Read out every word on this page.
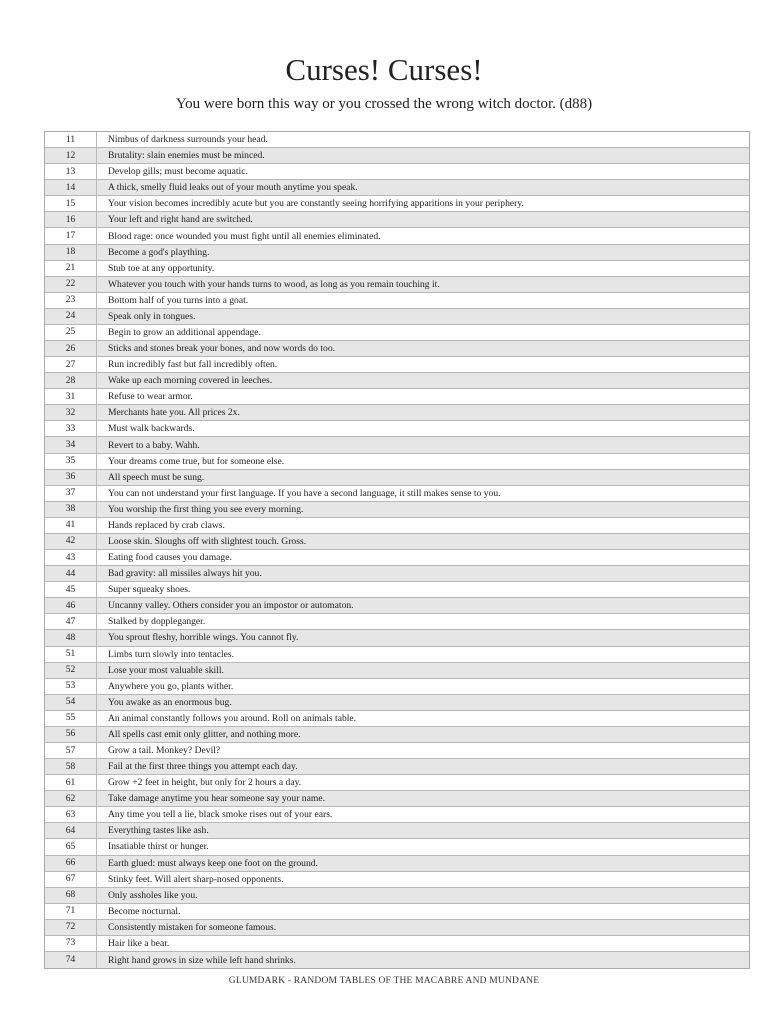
Curses! Curses!
You were born this way or you crossed the wrong witch doctor. (d88)
11	Nimbus of darkness surrounds your head.
12	Brutality: slain enemies must be minced.
13	Develop gills; must become aquatic.
14	A thick, smelly fluid leaks out of your mouth anytime you speak.
15	Your vision becomes incredibly acute but you are constantly seeing horrifying apparitions in your periphery.
16	Your left and right hand are switched.
17	Blood rage: once wounded you must fight until all enemies eliminated.
18	Become a god's plaything.
21	Stub toe at any opportunity.
22	Whatever you touch with your hands turns to wood, as long as you remain touching it.
23	Bottom half of you turns into a goat.
24	Speak only in tongues.
25	Begin to grow an additional appendage.
26	Sticks and stones break your bones, and now words do too.
27	Run incredibly fast but fall incredibly often.
28	Wake up each morning covered in leeches.
31	Refuse to wear armor.
32	Merchants hate you. All prices 2x.
33	Must walk backwards.
34	Revert to a baby. Wahh.
35	Your dreams come true, but for someone else.
36	All speech must be sung.
37	You can not understand your first language. If you have a second language, it still makes sense to you.
38	You worship the first thing you see every morning.
41	Hands replaced by crab claws.
42	Loose skin. Sloughs off with slightest touch. Gross.
43	Eating food causes you damage.
44	Bad gravity: all missiles always hit you.
45	Super squeaky shoes.
46	Uncanny valley. Others consider you an impostor or automaton.
47	Stalked by doppleganger.
48	You sprout fleshy, horrible wings. You cannot fly.
51	Limbs turn slowly into tentacles.
52	Lose your most valuable skill.
53	Anywhere you go, plants wither.
54	You awake as an enormous bug.
55	An animal constantly follows you around. Roll on animals table.
56	All spells cast emit only glitter, and nothing more.
57	Grow a tail. Monkey? Devil?
58	Fail at the first three things you attempt each day.
61	Grow +2 feet in height, but only for 2 hours a day.
62	Take damage anytime you hear someone say your name.
63	Any time you tell a lie, black smoke rises out of your ears.
64	Everything tastes like ash.
65	Insatiable thirst or hunger.
66	Earth glued: must always keep one foot on the ground.
67	Stinky feet. Will alert sharp-nosed opponents.
68	Only assholes like you.
71	Become nocturnal.
72	Consistently mistaken for someone famous.
73	Hair like a bear.
74	Right hand grows in size while left hand shrinks.
GLUMDARK - RANDOM TABLES OF THE MACABRE AND MUNDANE
